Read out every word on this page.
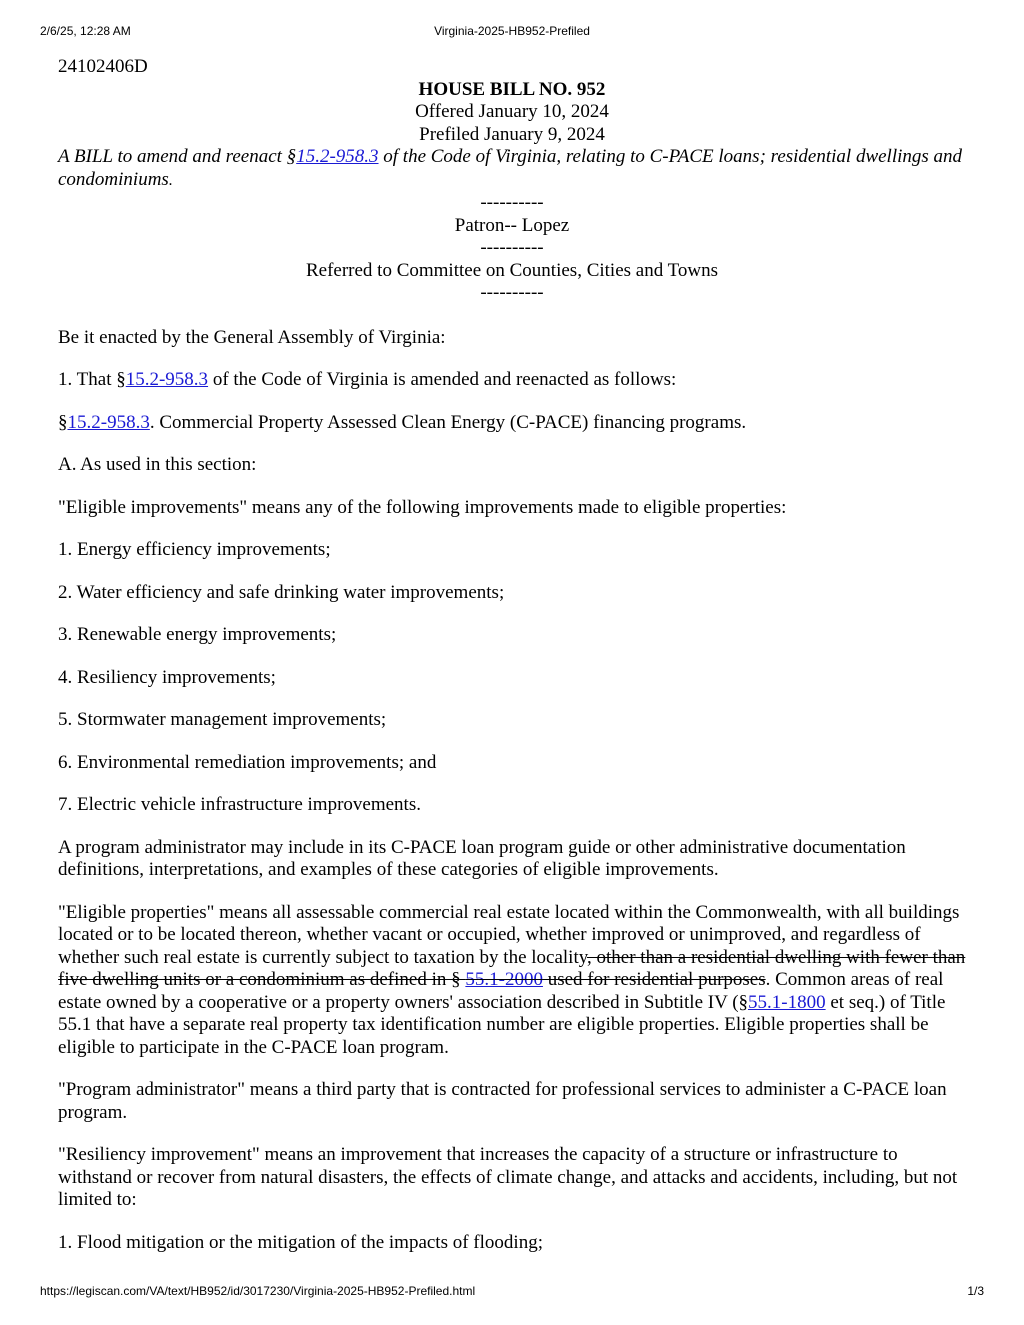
2/6/25, 12:28 AM	Virginia-2025-HB952-Prefiled

24102406D

HOUSE BILL NO. 952

Offered January 10, 2024

Prefiled January 9, 2024

A BILL to amend and reenact §15.2-958.3 of the Code of Virginia, relating to C-PACE loans; residential dwellings and condominiums.

----------

Patron-- Lopez

----------

Referred to Committee on Counties, Cities and Towns

----------

Be it enacted by the General Assembly of Virginia:

1. That §15.2-958.3 of the Code of Virginia is amended and reenacted as follows:

§15.2-958.3. Commercial Property Assessed Clean Energy (C-PACE) financing programs.

A. As used in this section:

"Eligible improvements" means any of the following improvements made to eligible properties:

1. Energy efficiency improvements;

2. Water efficiency and safe drinking water improvements;

3. Renewable energy improvements;

4. Resiliency improvements;

5. Stormwater management improvements;

6. Environmental remediation improvements; and

7. Electric vehicle infrastructure improvements.

A program administrator may include in its C-PACE loan program guide or other administrative documentation definitions, interpretations, and examples of these categories of eligible improvements.

"Eligible properties" means all assessable commercial real estate located within the Commonwealth, with all buildings located or to be located thereon, whether vacant or occupied, whether improved or unimproved, and regardless of whether such real estate is currently subject to taxation by the locality, other than a residential dwelling with fewer than five dwelling units or a condominium as defined in § 55.1-2000 used for residential purposes. Common areas of real estate owned by a cooperative or a property owners' association described in Subtitle IV (§55.1-1800 et seq.) of Title 55.1 that have a separate real property tax identification number are eligible properties. Eligible properties shall be eligible to participate in the C-PACE loan program.

"Program administrator" means a third party that is contracted for professional services to administer a C-PACE loan program.

"Resiliency improvement" means an improvement that increases the capacity of a structure or infrastructure to withstand or recover from natural disasters, the effects of climate change, and attacks and accidents, including, but not limited to:

1. Flood mitigation or the mitigation of the impacts of flooding;

https://legiscan.com/VA/text/HB952/id/3017230/Virginia-2025-HB952-Prefiled.html	1/3
